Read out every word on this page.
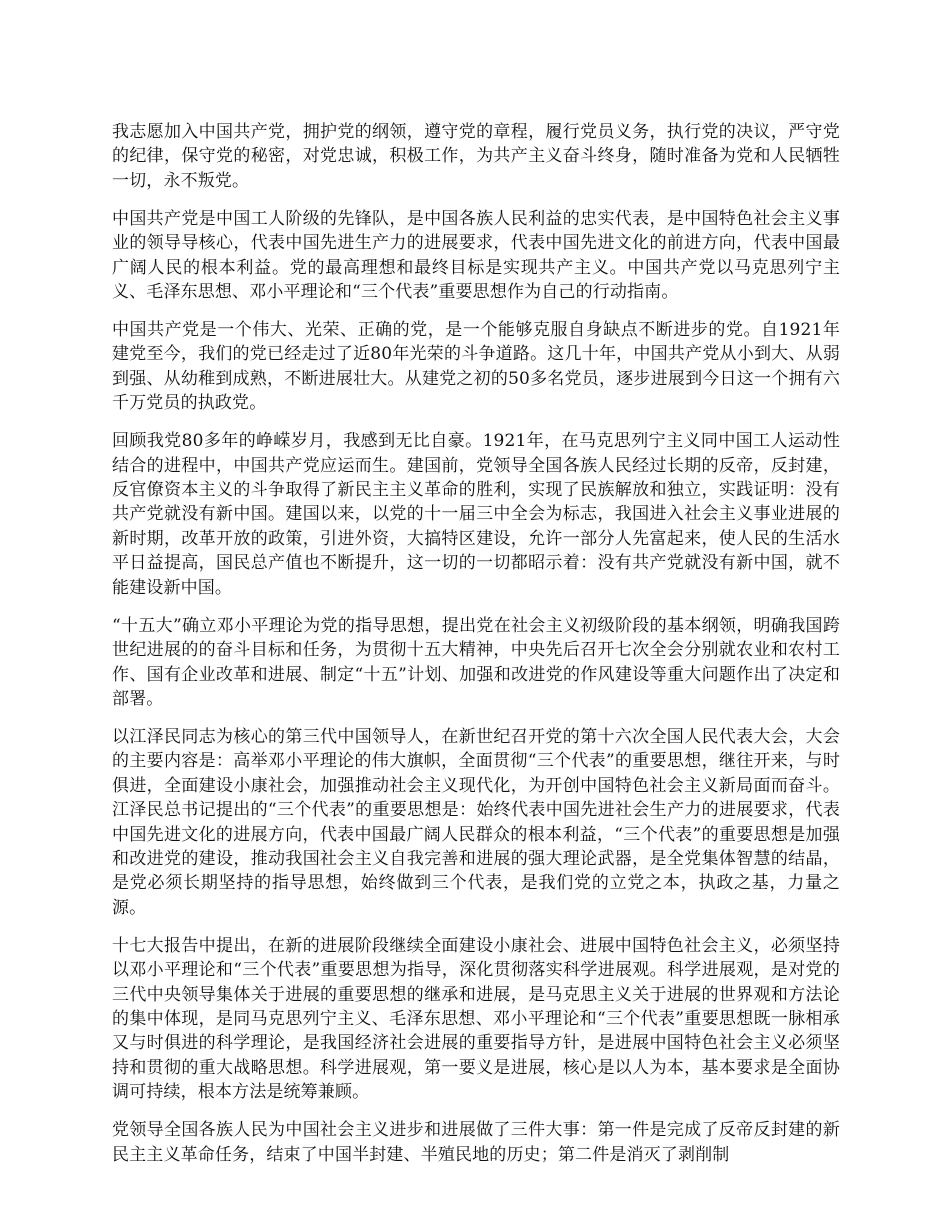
我志愿加入中国共产党，拥护党的纲领，遵守党的章程，履行党员义务，执行党的决议，严守党的纪律，保守党的秘密，对党忠诚，积极工作，为共产主义奋斗终身，随时准备为党和人民牺牲一切，永不叛党。

中国共产党是中国工人阶级的先锋队，是中国各族人民利益的忠实代表，是中国特色社会主义事业的领导导核心，代表中国先进生产力的进展要求，代表中国先进文化的前进方向，代表中国最广阔人民的根本利益。党的最高理想和最终目标是实现共产主义。中国共产党以马克思列宁主义、毛泽东思想、邓小平理论和“三个代表”重要思想作为自己的行动指南。

中国共产党是一个伟大、光荣、正确的党，是一个能够克服自身缺点不断进步的党。自1921年建党至今，我们的党已经走过了近80年光荣的斗争道路。这几十年，中国共产党从小到大、从弱到强、从幼稚到成熟，不断进展壮大。从建党之初的50多名党员，逐步进展到今日这一个拥有六千万党员的执政党。

回顾我党80多年的峥嵘岁月，我感到无比自豪。1921年，在马克思列宁主义同中国工人运动性结合的进程中，中国共产党应运而生。建国前，党领导全国各族人民经过长期的反帝，反封建，反官僚资本主义的斗争取得了新民主主义革命的胜利，实现了民族解放和独立，实践证明：没有共产党就没有新中国。建国以来，以党的十一届三中全会为标志，我国进入社会主义事业进展的新时期，改革开放的政策，引进外资，大搞特区建设，允许一部分人先富起来，使人民的生活水平日益提高，国民总产值也不断提升，这一切的一切都昭示着：没有共产党就没有新中国，就不能建设新中国。

“十五大”确立邓小平理论为党的指导思想，提出党在社会主义初级阶段的基本纲领，明确我国跨世纪进展的的奋斗目标和任务，为贯彻十五大精神，中央先后召开七次全会分别就农业和农村工作、国有企业改革和进展、制定“十五”计划、加强和改进党的作风建设等重大问题作出了决定和部署。

以江泽民同志为核心的第三代中国领导人，在新世纪召开党的第十六次全国人民代表大会，大会的主要内容是：高举邓小平理论的伟大旗帜，全面贯彻“三个代表”的重要思想，继往开来，与时俱进，全面建设小康社会，加强推动社会主义现代化，为开创中国特色社会主义新局面而奋斗。江泽民总书记提出的“三个代表”的重要思想是：始终代表中国先进社会生产力的进展要求，代表中国先进文化的进展方向，代表中国最广阔人民群众的根本利益，“三个代表”的重要思想是加强和改进党的建设，推动我国社会主义自我完善和进展的强大理论武器，是全党集体智慧的结晶，是党必须长期坚持的指导思想，始终做到三个代表，是我们党的立党之本，执政之基，力量之源。

十七大报告中提出，在新的进展阶段继续全面建设小康社会、进展中国特色社会主义，必须坚持以邓小平理论和“三个代表”重要思想为指导，深化贯彻落实科学进展观。科学进展观，是对党的三代中央领导集体关于进展的重要思想的继承和进展，是马克思主义关于进展的世界观和方法论的集中体现，是同马克思列宁主义、毛泽东思想、邓小平理论和“三个代表”重要思想既一脉相承又与时俱进的科学理论，是我国经济社会进展的重要指导方针，是进展中国特色社会主义必须坚持和贯彻的重大战略思想。科学进展观，第一要义是进展，核心是以人为本，基本要求是全面协调可持续，根本方法是统筹兼顾。

党领导全国各族人民为中国社会主义进步和进展做了三件大事：第一件是完成了反帝反封建的新民主主义革命任务，结束了中国半封建、半殖民地的历史；第二件是消灭了剥削制
